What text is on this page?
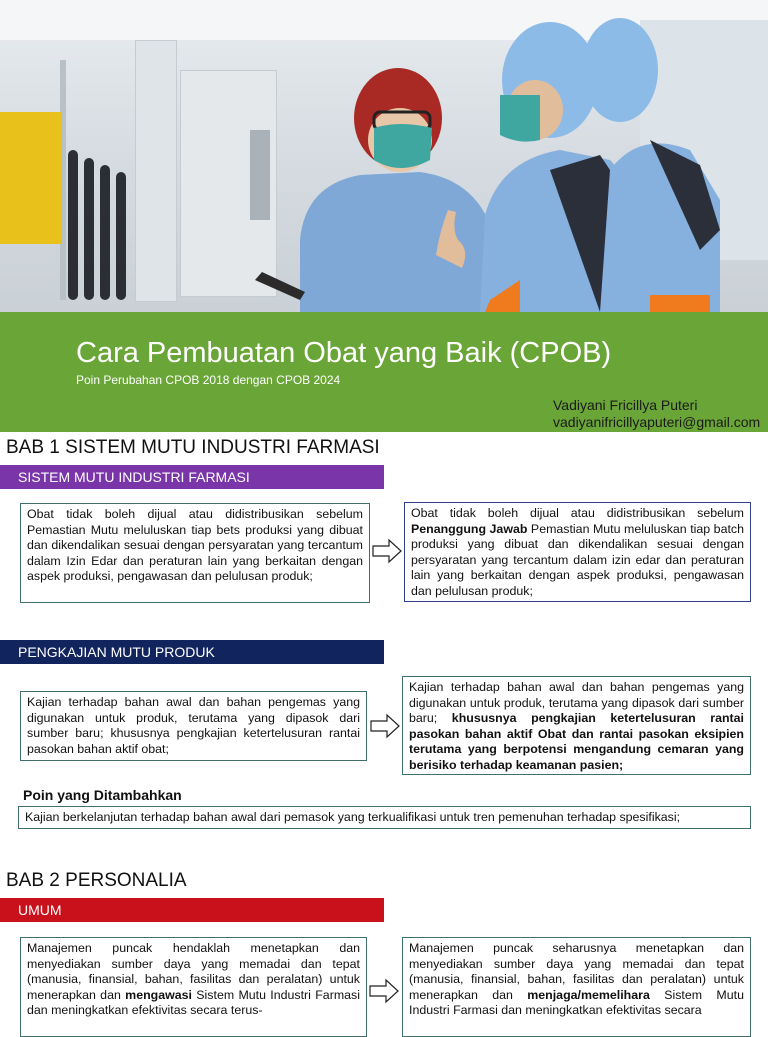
Cara Pembuatan Obat yang Baik (CPOB)
Poin Perubahan CPOB 2018 dengan CPOB 2024
Vadiyani Fricillya Puteri
vadiyanifricillyaputeri@gmail.com
BAB 1 SISTEM MUTU INDUSTRI FARMASI
SISTEM MUTU INDUSTRI FARMASI
Obat tidak boleh dijual atau didistribusikan sebelum Pemastian Mutu meluluskan tiap bets produksi yang dibuat dan dikendalikan sesuai dengan persyaratan yang tercantum dalam Izin Edar dan peraturan lain yang berkaitan dengan aspek produksi, pengawasan dan pelulusan produk;
Obat tidak boleh dijual atau didistribusikan sebelum Penanggung Jawab Pemastian Mutu meluluskan tiap batch produksi yang dibuat dan dikendalikan sesuai dengan persyaratan yang tercantum dalam izin edar dan peraturan lain yang berkaitan dengan aspek produksi, pengawasan dan pelulusan produk;
PENGKAJIAN MUTU PRODUK
Kajian terhadap bahan awal dan bahan pengemas yang digunakan untuk produk, terutama yang dipasok dari sumber baru; khususnya pengkajian ketertelusuran rantai pasokan bahan aktif obat;
Kajian terhadap bahan awal dan bahan pengemas yang digunakan untuk produk, terutama yang dipasok dari sumber baru; khususnya pengkajian ketertelusuran rantai pasokan bahan aktif Obat dan rantai pasokan eksipien terutama yang berpotensi mengandung cemaran yang berisiko terhadap keamanan pasien;
Poin yang Ditambahkan
Kajian berkelanjutan terhadap bahan awal dari pemasok yang terkualifikasi untuk tren pemenuhan terhadap spesifikasi;
BAB 2 PERSONALIA
UMUM
Manajemen puncak hendaklah menetapkan dan menyediakan sumber daya yang memadai dan tepat (manusia, finansial, bahan, fasilitas dan peralatan) untuk menerapkan dan mengawasi Sistem Mutu Industri Farmasi dan meningkatkan efektivitas secara terus-
Manajemen puncak seharusnya menetapkan dan menyediakan sumber daya yang memadai dan tepat (manusia, finansial, bahan, fasilitas dan peralatan) untuk menerapkan dan menjaga/memelihara Sistem Mutu Industri Farmasi dan meningkatkan efektivitas secara
